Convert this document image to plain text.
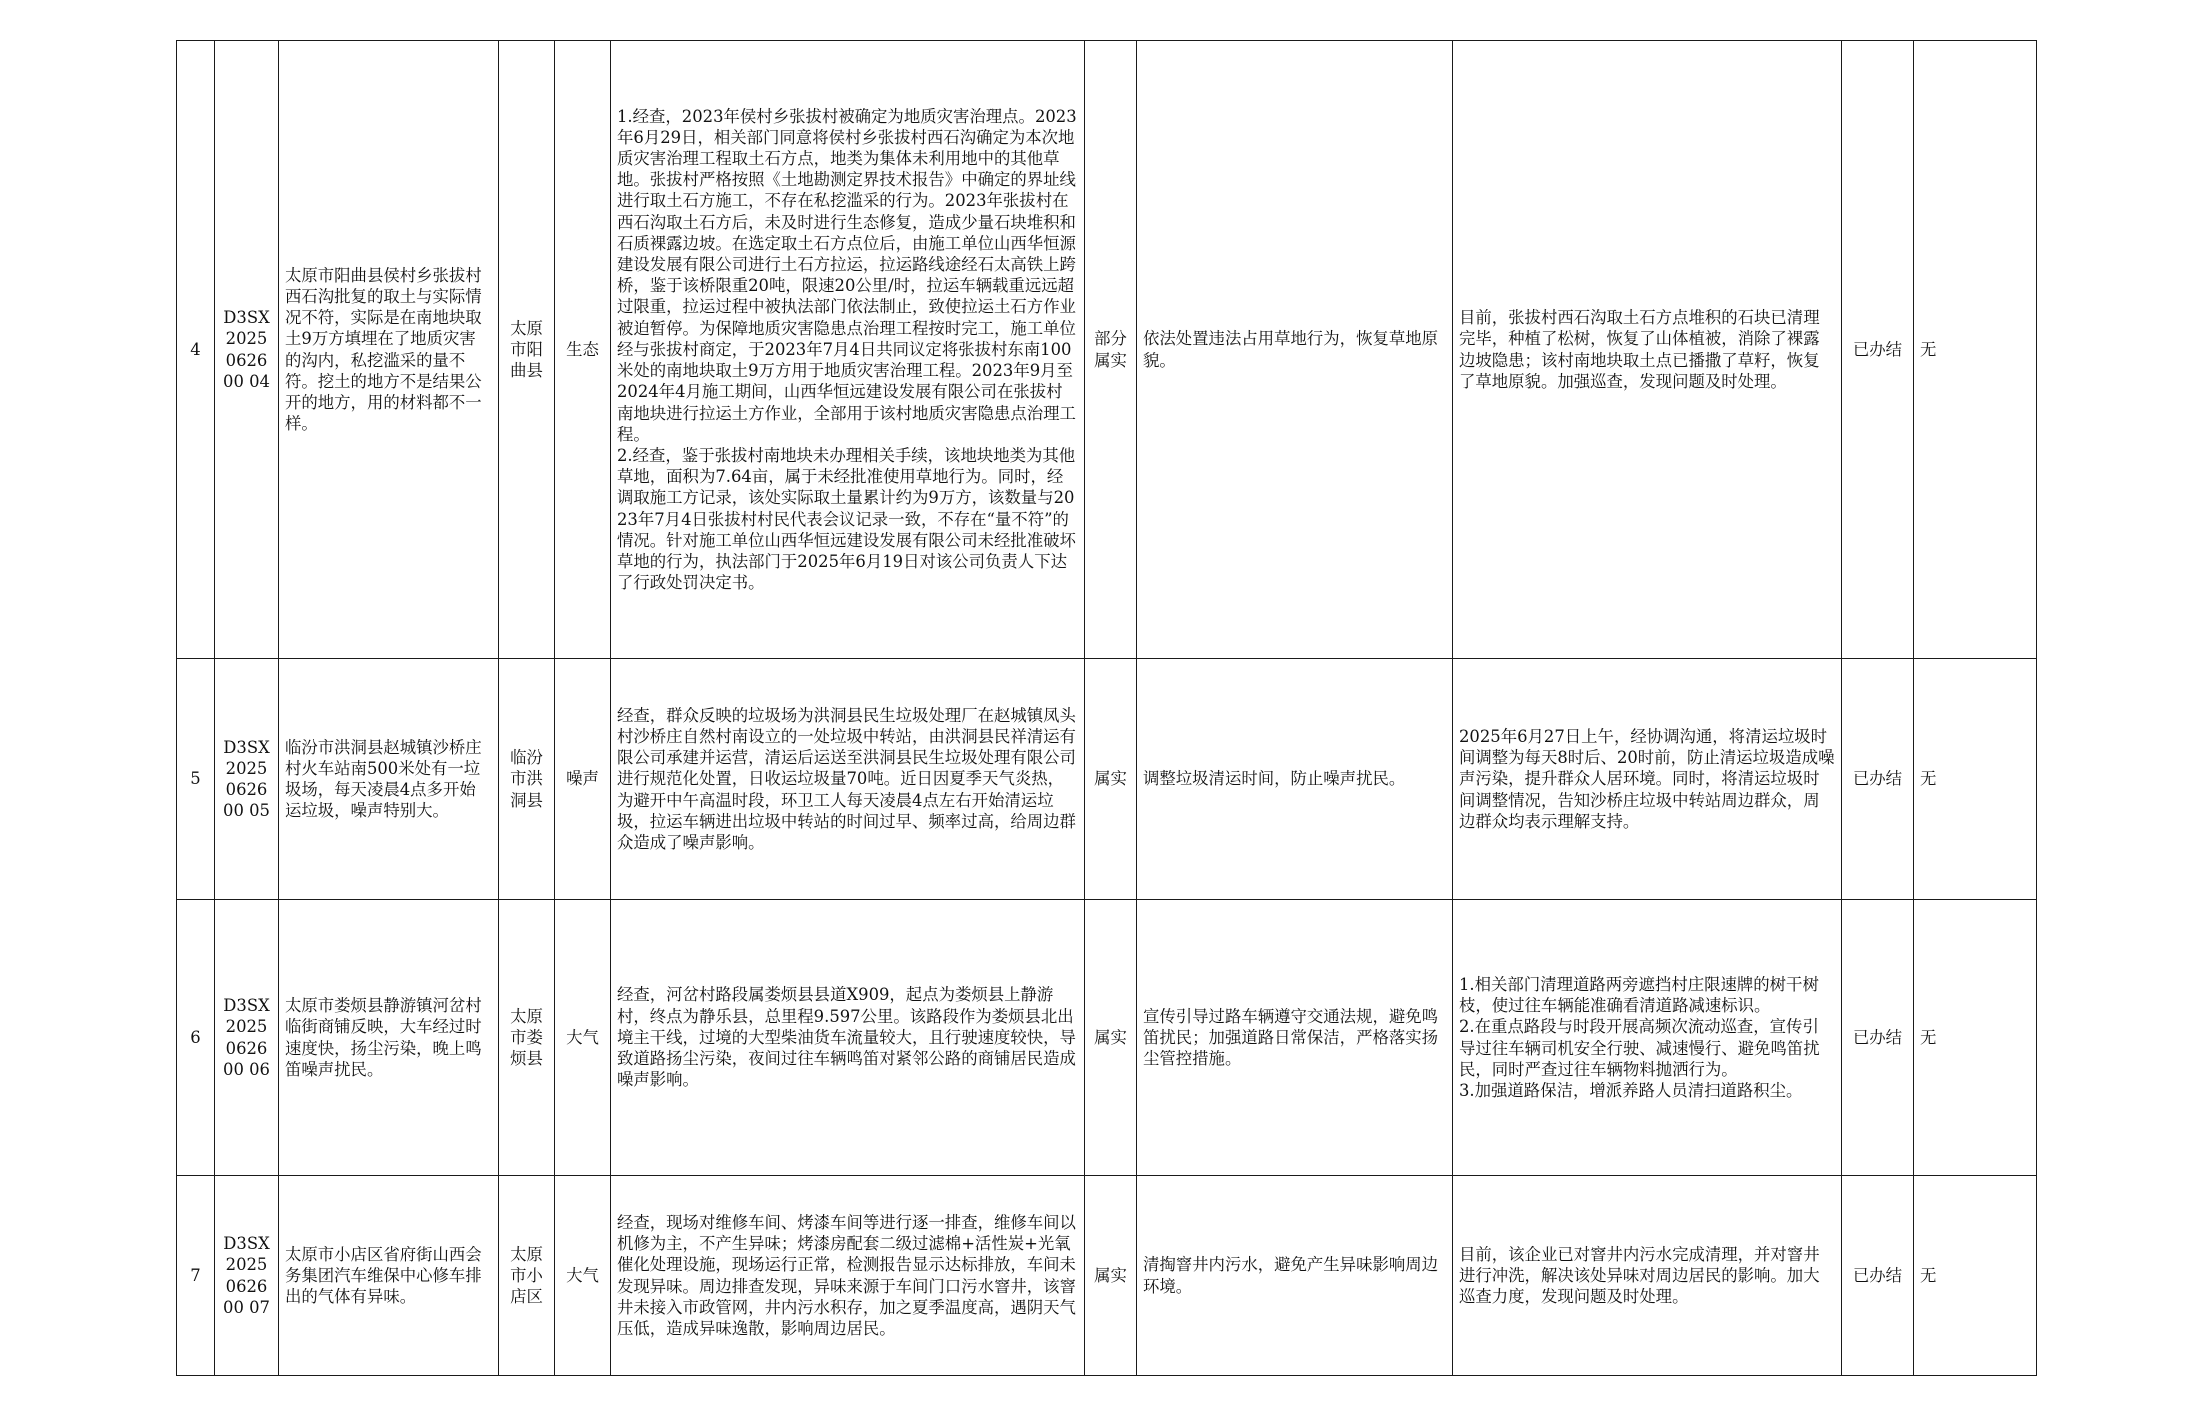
4	D3SX2025062600 04	太原市阳曲县侯村乡张拔村西石沟批复的取土与实际情况不符，实际是在南地块取土9万方填埋在了地质灾害的沟内，私挖滥采的量不符。挖土的地方不是结果公开的地方，用的材料都不一样。	太原市阳曲县	生态	1.经查，2023年侯村乡张拔村被确定为地质灾害治理点。2023年6月29日，相关部门同意将侯村乡张拔村西石沟确定为本次地质灾害治理工程取土石方点，地类为集体未利用地中的其他草地。张拔村严格按照《土地勘测定界技术报告》中确定的界址线进行取土石方施工，不存在私挖滥采的行为。2023年张拔村在西石沟取土石方后，未及时进行生态修复，造成少量石块堆积和石质裸露边坡。在选定取土石方点位后，由施工单位山西华恒源建设发展有限公司进行土石方拉运，拉运路线途经石太高铁上跨桥，鉴于该桥限重20吨，限速20公里/时，拉运车辆载重远远超过限重，拉运过程中被执法部门依法制止，致使拉运土石方作业被迫暂停。为保障地质灾害隐患点治理工程按时完工，施工单位经与张拔村商定，于2023年7月4日共同议定将张拔村东南100米处的南地块取土9万方用于地质灾害治理工程。2023年9月至2024年4月施工期间，山西华恒远建设发展有限公司在张拔村南地块进行拉运土方作业，全部用于该村地质灾害隐患点治理工程。
2.经查，鉴于张拔村南地块未办理相关手续，该地块地类为其他草地，面积为7.64亩，属于未经批准使用草地行为。同时，经调取施工方记录，该处实际取土量累计约为9万方，该数量与2023年7月4日张拔村村民代表会议记录一致，不存在“量不符”的情况。针对施工单位山西华恒远建设发展有限公司未经批准破坏草地的行为，执法部门于2025年6月19日对该公司负责人下达了行政处罚决定书。	部分属实	依法处置违法占用草地行为，恢复草地原貌。	目前，张拔村西石沟取土石方点堆积的石块已清理完毕，种植了松树，恢复了山体植被，消除了裸露边坡隐患；该村南地块取土点已播撒了草籽，恢复了草地原貌。加强巡查，发现问题及时处理。	已办结	无
5	D3SX2025062600 05	临汾市洪洞县赵城镇沙桥庄村火车站南500米处有一垃圾场，每天凌晨4点多开始运垃圾，噪声特别大。	临汾市洪洞县	噪声	经查，群众反映的垃圾场为洪洞县民生垃圾处理厂在赵城镇凤头村沙桥庄自然村南设立的一处垃圾中转站，由洪洞县民祥清运有限公司承建并运营，清运后运送至洪洞县民生垃圾处理有限公司进行规范化处置，日收运垃圾量70吨。近日因夏季天气炎热，为避开中午高温时段，环卫工人每天凌晨4点左右开始清运垃圾，拉运车辆进出垃圾中转站的时间过早、频率过高，给周边群众造成了噪声影响。	属实	调整垃圾清运时间，防止噪声扰民。	2025年6月27日上午，经协调沟通，将清运垃圾时间调整为每天8时后、20时前，防止清运垃圾造成噪声污染，提升群众人居环境。同时，将清运垃圾时间调整情况，告知沙桥庄垃圾中转站周边群众，周边群众均表示理解支持。	已办结	无
6	D3SX2025062600 06	太原市娄烦县静游镇河岔村临街商铺反映，大车经过时速度快，扬尘污染，晚上鸣笛噪声扰民。	太原市娄烦县	大气	经查，河岔村路段属娄烦县县道X909，起点为娄烦县上静游村，终点为静乐县，总里程9.597公里。该路段作为娄烦县北出境主干线，过境的大型柴油货车流量较大，且行驶速度较快，导致道路扬尘污染，夜间过往车辆鸣笛对紧邻公路的商铺居民造成噪声影响。	属实	宣传引导过路车辆遵守交通法规，避免鸣笛扰民；加强道路日常保洁，严格落实扬尘管控措施。	1.相关部门清理道路两旁遮挡村庄限速牌的树干树枝，使过往车辆能准确看清道路减速标识。
2.在重点路段与时段开展高频次流动巡查，宣传引导过往车辆司机安全行驶、减速慢行、避免鸣笛扰民，同时严查过往车辆物料抛洒行为。
3.加强道路保洁，增派养路人员清扫道路积尘。	已办结	无
7	D3SX2025062600 07	太原市小店区省府街山西会务集团汽车维保中心修车排出的气体有异味。	太原市小店区	大气	经查，现场对维修车间、烤漆车间等进行逐一排查，维修车间以机修为主，不产生异味；烤漆房配套二级过滤棉+活性炭+光氧催化处理设施，现场运行正常，检测报告显示达标排放，车间未发现异味。周边排查发现，异味来源于车间门口污水窨井，该窨井未接入市政管网，井内污水积存，加之夏季温度高，遇阴天气压低，造成异味逸散，影响周边居民。	属实	清掏窨井内污水，避免产生异味影响周边环境。	目前，该企业已对窨井内污水完成清理，并对窨井进行冲洗，解决该处异味对周边居民的影响。加大巡查力度，发现问题及时处理。	已办结	无
